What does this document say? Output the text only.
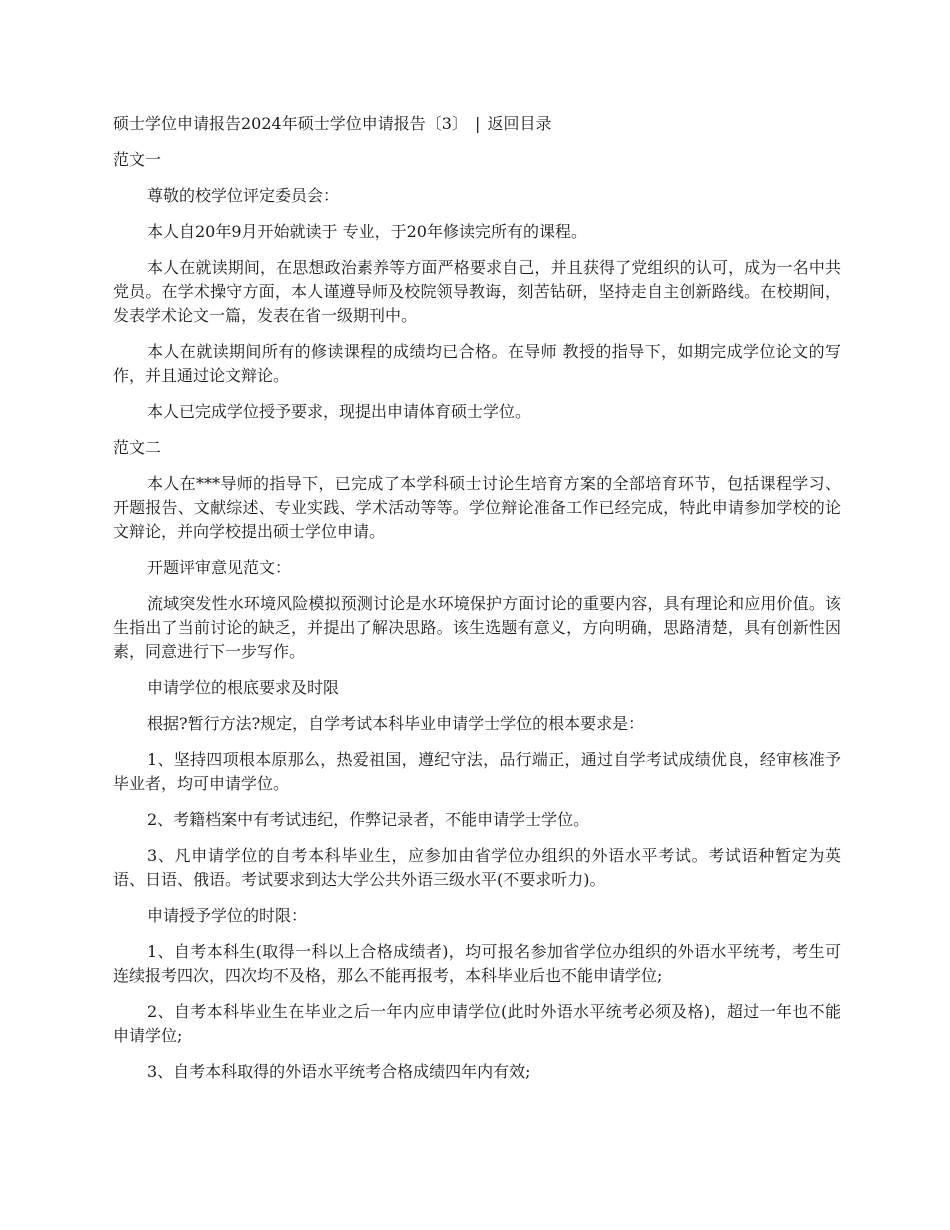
硕士学位申请报告2024年硕士学位申请报告〔3〕 | 返回目录
范文一

尊敬的校学位评定委员会：

本人自20年9月开始就读于 专业，于20年修读完所有的课程。

本人在就读期间，在思想政治素养等方面严格要求自己，并且获得了党组织的认可，成为一名中共党员。在学术操守方面，本人谨遵导师及校院领导教诲，刻苦钻研，坚持走自主创新路线。在校期间，发表学术论文一篇，发表在省一级期刊中。

本人在就读期间所有的修读课程的成绩均已合格。在导师 教授的指导下，如期完成学位论文的写作，并且通过论文辩论。

本人已完成学位授予要求，现提出申请体育硕士学位。

范文二

本人在***导师的指导下，已完成了本学科硕士讨论生培育方案的全部培育环节，包括课程学习、开题报告、文献综述、专业实践、学术活动等等。学位辩论准备工作已经完成，特此申请参加学校的论文辩论，并向学校提出硕士学位申请。

开题评审意见范文：

流域突发性水环境风险模拟预测讨论是水环境保护方面讨论的重要内容，具有理论和应用价值。该生指出了当前讨论的缺乏，并提出了解决思路。该生选题有意义，方向明确，思路清楚，具有创新性因素，同意进行下一步写作。

申请学位的根底要求及时限

根据?暂行方法?规定，自学考试本科毕业申请学士学位的根本要求是：

1、坚持四项根本原那么，热爱祖国，遵纪守法，品行端正，通过自学考试成绩优良，经审核准予毕业者，均可申请学位。

2、考籍档案中有考试违纪，作弊记录者，不能申请学士学位。

3、凡申请学位的自考本科毕业生，应参加由省学位办组织的外语水平考试。考试语种暂定为英语、日语、俄语。考试要求到达大学公共外语三级水平(不要求听力)。

申请授予学位的时限：

1、自考本科生(取得一科以上合格成绩者)，均可报名参加省学位办组织的外语水平统考，考生可连续报考四次，四次均不及格，那么不能再报考，本科毕业后也不能申请学位;

2、自考本科毕业生在毕业之后一年内应申请学位(此时外语水平统考必须及格)，超过一年也不能申请学位;

3、自考本科取得的外语水平统考合格成绩四年内有效;
